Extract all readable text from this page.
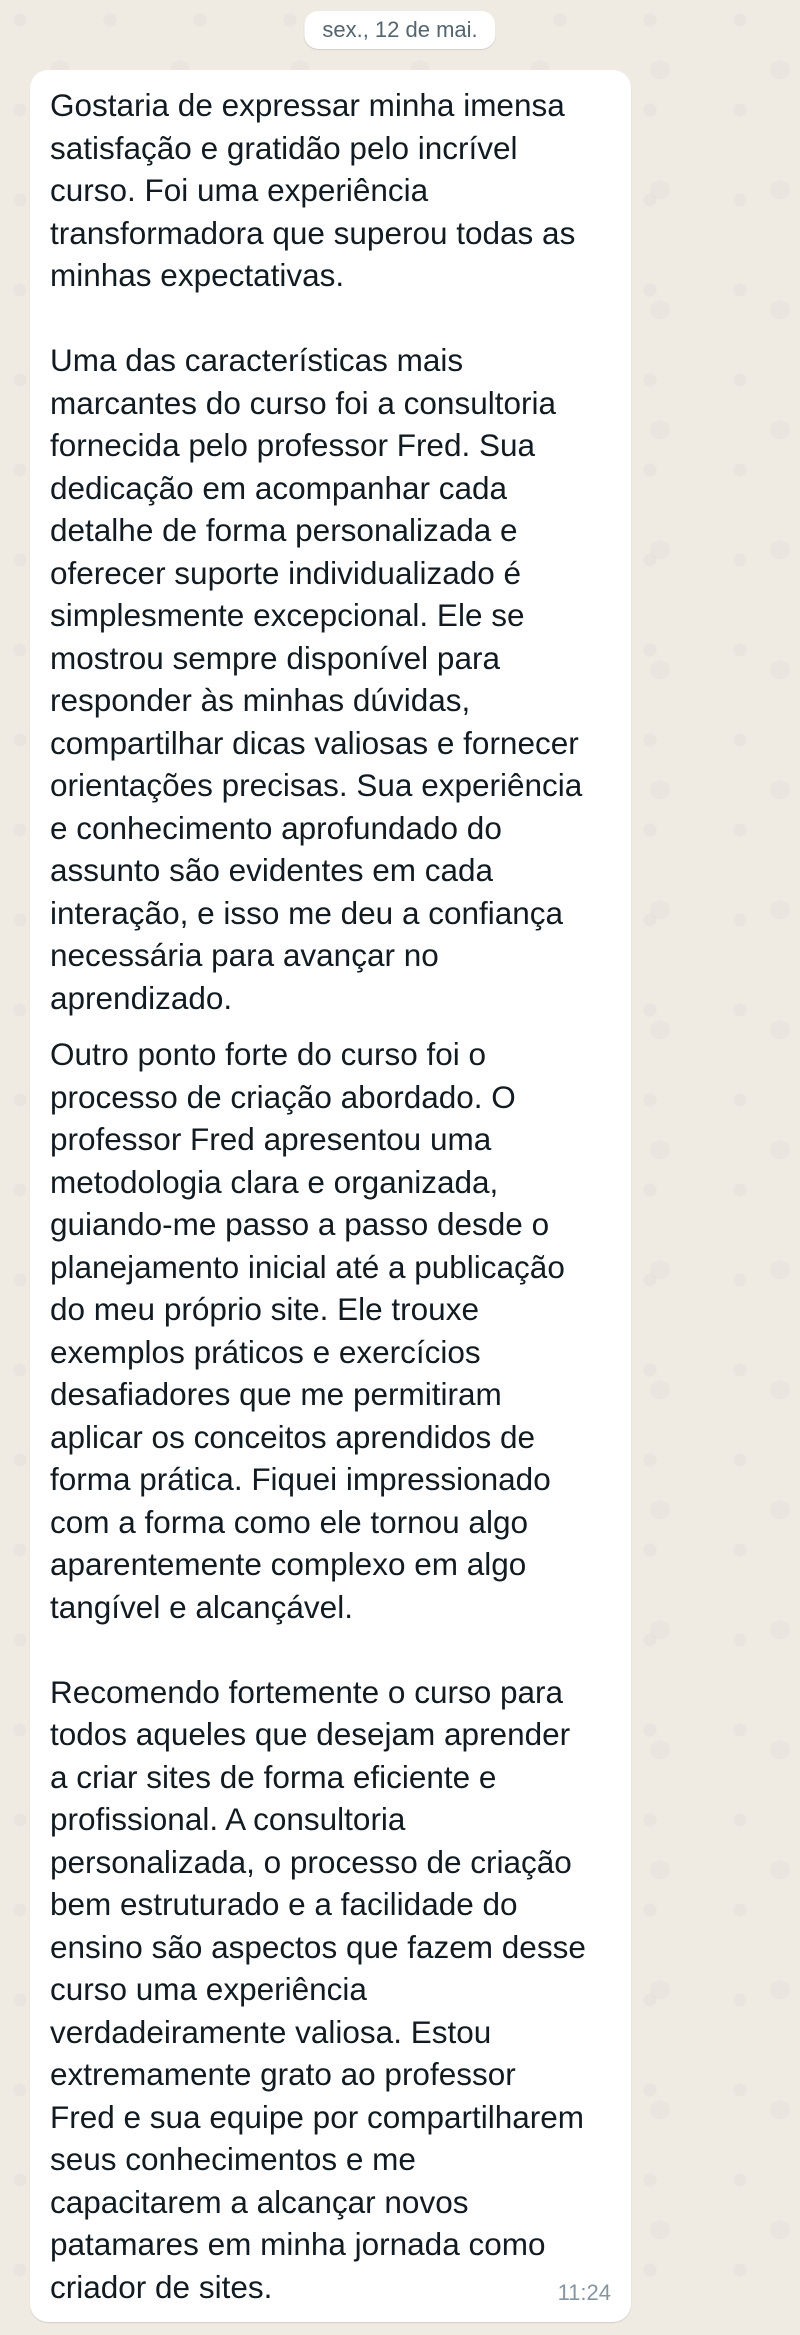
sex., 12 de mai.

Gostaria de expressar minha imensa
satisfação e gratidão pelo incrível
curso. Foi uma experiência
transformadora que superou todas as
minhas expectativas.

Uma das características mais
marcantes do curso foi a consultoria
fornecida pelo professor Fred. Sua
dedicação em acompanhar cada
detalhe de forma personalizada e
oferecer suporte individualizado é
simplesmente excepcional. Ele se
mostrou sempre disponível para
responder às minhas dúvidas,
compartilhar dicas valiosas e fornecer
orientações precisas. Sua experiência
e conhecimento aprofundado do
assunto são evidentes em cada
interação, e isso me deu a confiança
necessária para avançar no
aprendizado.

Outro ponto forte do curso foi o
processo de criação abordado. O
professor Fred apresentou uma
metodologia clara e organizada,
guiando-me passo a passo desde o
planejamento inicial até a publicação
do meu próprio site. Ele trouxe
exemplos práticos e exercícios
desafiadores que me permitiram
aplicar os conceitos aprendidos de
forma prática. Fiquei impressionado
com a forma como ele tornou algo
aparentemente complexo em algo
tangível e alcançável.

Recomendo fortemente o curso para
todos aqueles que desejam aprender
a criar sites de forma eficiente e
profissional. A consultoria
personalizada, o processo de criação
bem estruturado e a facilidade do
ensino são aspectos que fazem desse
curso uma experiência
verdadeiramente valiosa. Estou
extremamente grato ao professor
Fred e sua equipe por compartilharem
seus conhecimentos e me
capacitarem a alcançar novos
patamares em minha jornada como
criador de sites.	11:24
